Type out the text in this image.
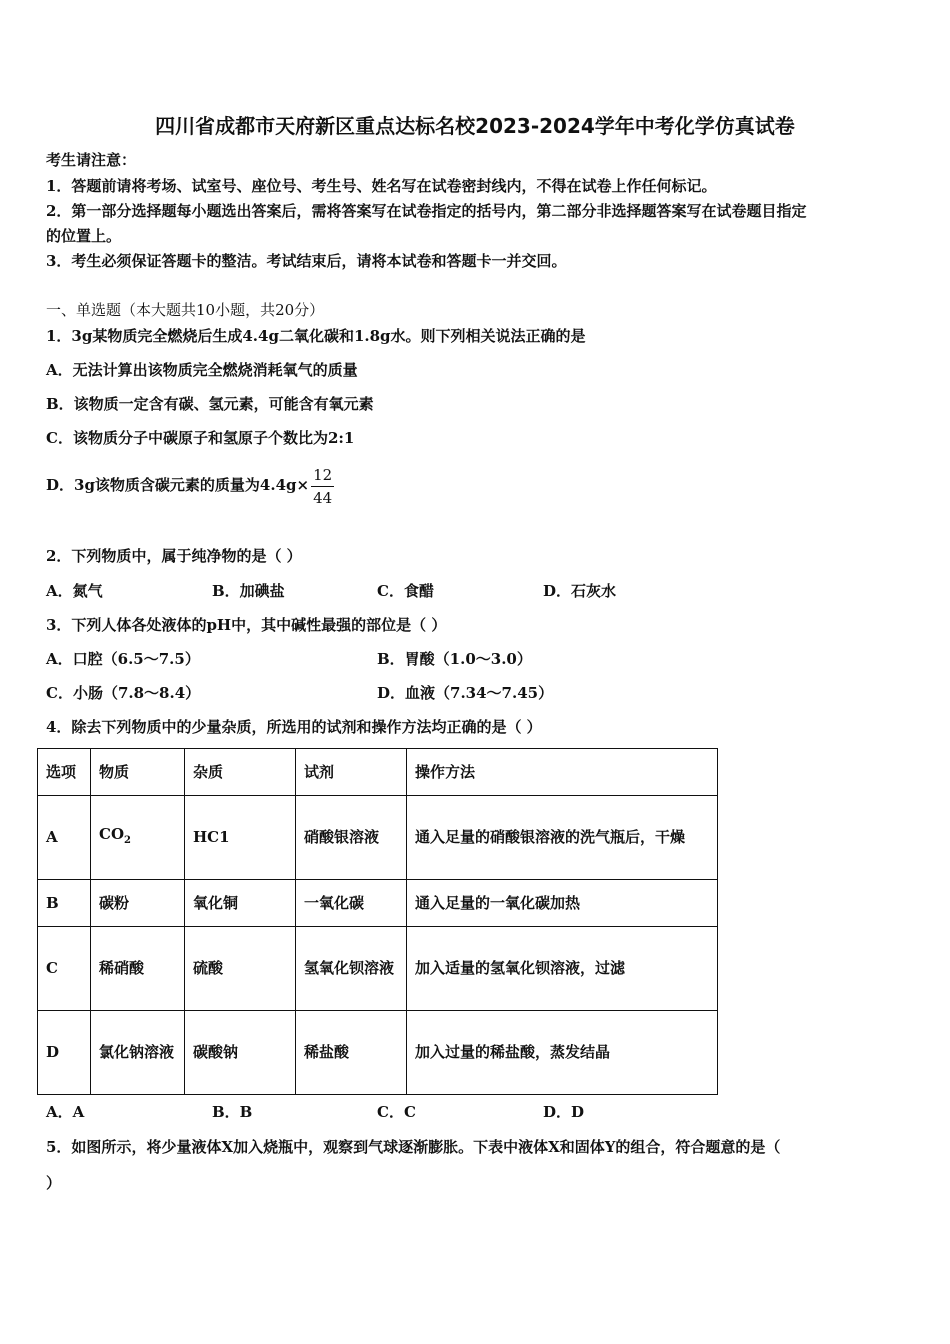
四川省成都市天府新区重点达标名校2023-2024学年中考化学仿真试卷
考生请注意：
1．答题前请将考场、试室号、座位号、考生号、姓名写在试卷密封线内，不得在试卷上作任何标记。
2．第一部分选择题每小题选出答案后，需将答案写在试卷指定的括号内，第二部分非选择题答案写在试卷题目指定
的位置上。
3．考生必须保证答题卡的整洁。考试结束后，请将本试卷和答题卡一并交回。
一、单选题（本大题共10小题，共20分）
1．3g某物质完全燃烧后生成4.4g二氧化碳和1.8g水。则下列相关说法正确的是
A．无法计算出该物质完全燃烧消耗氧气的质量
B．该物质一定含有碳、氢元素，可能含有氧元素
C．该物质分子中碳原子和氢原子个数比为2:1
D．3g该物质含碳元素的质量为$4.4g\times \frac{12}{44}$
2．下列物质中，属于纯净物的是（ ）
A．氮气	B．加碘盐	C．食醋	D．石灰水
3．下列人体各处液体的pH中，其中碱性最强的部位是（ ）
A．口腔（6.5～7.5）	B．胃酸（1.0～3.0）
C．小肠（7.8～8.4）	D．血液（7.34～7.45）
4．除去下列物质中的少量杂质，所选用的试剂和操作方法均正确的是（ ）
选项	物质	杂质	试剂	操作方法
A	$CO_2$	HC1	硝酸银溶液	通入足量的硝酸银溶液的洗气瓶后，干燥
B	碳粉	氧化铜	一氧化碳	通入足量的一氧化碳加热
C	稀硝酸	硫酸	氢氧化钡溶液	加入适量的氢氧化钡溶液，过滤
D	氯化钠溶液	碳酸钠	稀盐酸	加入过量的稀盐酸，蒸发结晶
A．A	B．B	C．C	D．D
5．如图所示，将少量液体X加入烧瓶中，观察到气球逐渐膨胀。下表中液体X和固体Y的组合，符合题意的是（
）
